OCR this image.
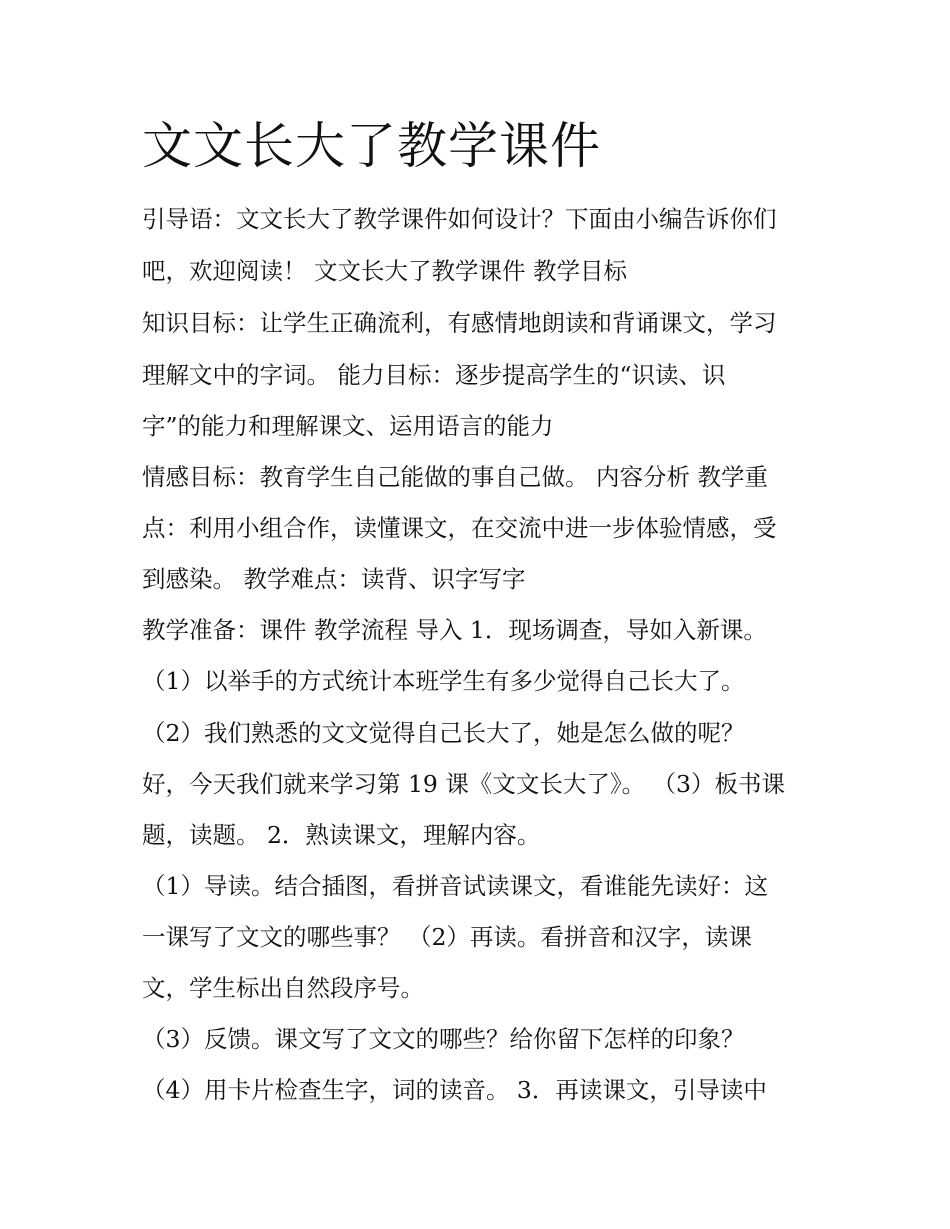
文文长大了教学课件

引导语：文文长大了教学课件如何设计？下面由小编告诉你们

吧，欢迎阅读！ 文文长大了教学课件 教学目标

知识目标：让学生正确流利，有感情地朗读和背诵课文，学习

理解文中的字词。 能力目标：逐步提高学生的“识读、识

字”的能力和理解课文、运用语言的能力

情感目标：教育学生自己能做的事自己做。 内容分析 教学重

点：利用小组合作，读懂课文，在交流中进一步体验情感，受

到感染。 教学难点：读背、识字写字

教学准备：课件 教学流程 导入 1．现场调查，导如入新课。

（1）以举手的方式统计本班学生有多少觉得自己长大了。

（2）我们熟悉的文文觉得自己长大了，她是怎么做的呢？

好，今天我们就来学习第 19 课《文文长大了》。 （3）板书课

题，读题。 2．熟读课文，理解内容。

（1）导读。结合插图，看拼音试读课文，看谁能先读好：这

一课写了文文的哪些事？ （2）再读。看拼音和汉字，读课

文，学生标出自然段序号。

（3）反馈。课文写了文文的哪些？给你留下怎样的印象？

（4）用卡片检查生字，词的读音。 3．再读课文，引导读中
